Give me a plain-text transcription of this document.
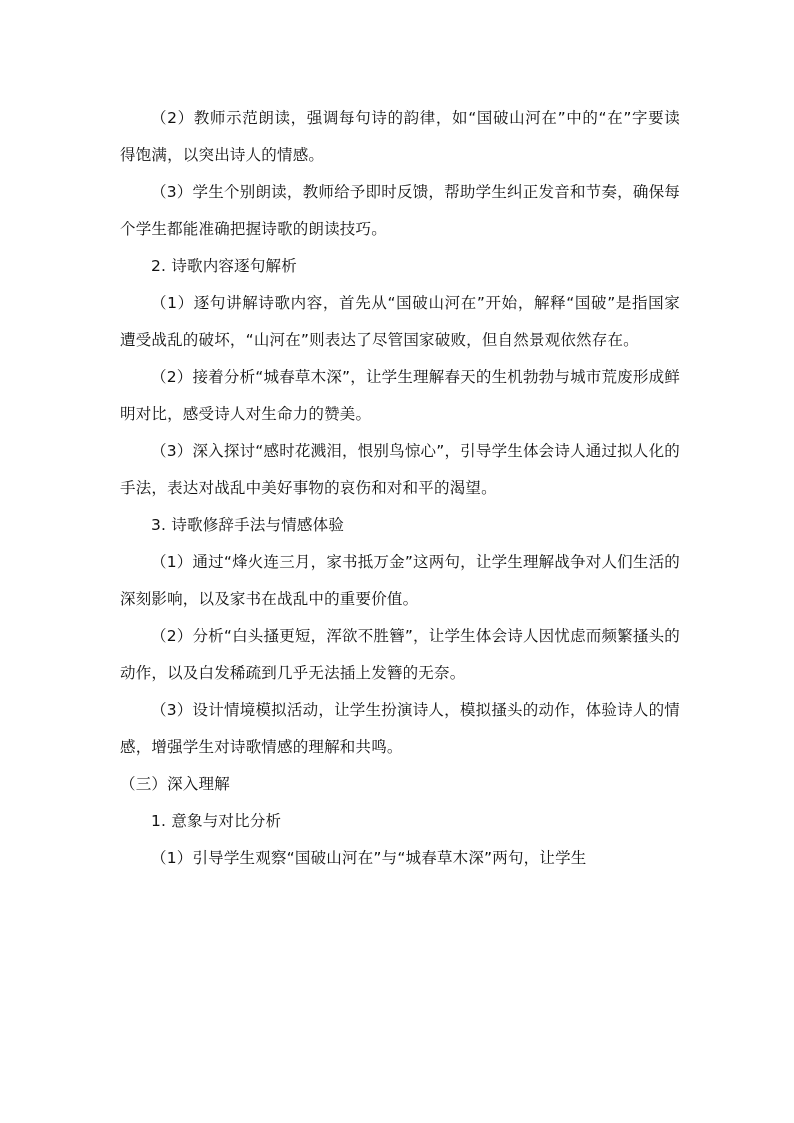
（2）教师示范朗读，强调每句诗的韵律，如“国破山河在”中的“在”字要读得饱满，以突出诗人的情感。

（3）学生个别朗读，教师给予即时反馈，帮助学生纠正发音和节奏，确保每个学生都能准确把握诗歌的朗读技巧。

2. 诗歌内容逐句解析

（1）逐句讲解诗歌内容，首先从“国破山河在”开始，解释“国破”是指国家遭受战乱的破坏，“山河在”则表达了尽管国家破败，但自然景观依然存在。

（2）接着分析“城春草木深”，让学生理解春天的生机勃勃与城市荒废形成鲜明对比，感受诗人对生命力的赞美。

（3）深入探讨“感时花溅泪，恨别鸟惊心”，引导学生体会诗人通过拟人化的手法，表达对战乱中美好事物的哀伤和对和平的渴望。

3. 诗歌修辞手法与情感体验

（1）通过“烽火连三月，家书抵万金”这两句，让学生理解战争对人们生活的深刻影响，以及家书在战乱中的重要价值。

（2）分析“白头搔更短，浑欲不胜簪”，让学生体会诗人因忧虑而频繁搔头的动作，以及白发稀疏到几乎无法插上发簪的无奈。

（3）设计情境模拟活动，让学生扮演诗人，模拟搔头的动作，体验诗人的情感，增强学生对诗歌情感的理解和共鸣。

（三）深入理解

1. 意象与对比分析

（1）引导学生观察“国破山河在”与“城春草木深”两句，让学生
